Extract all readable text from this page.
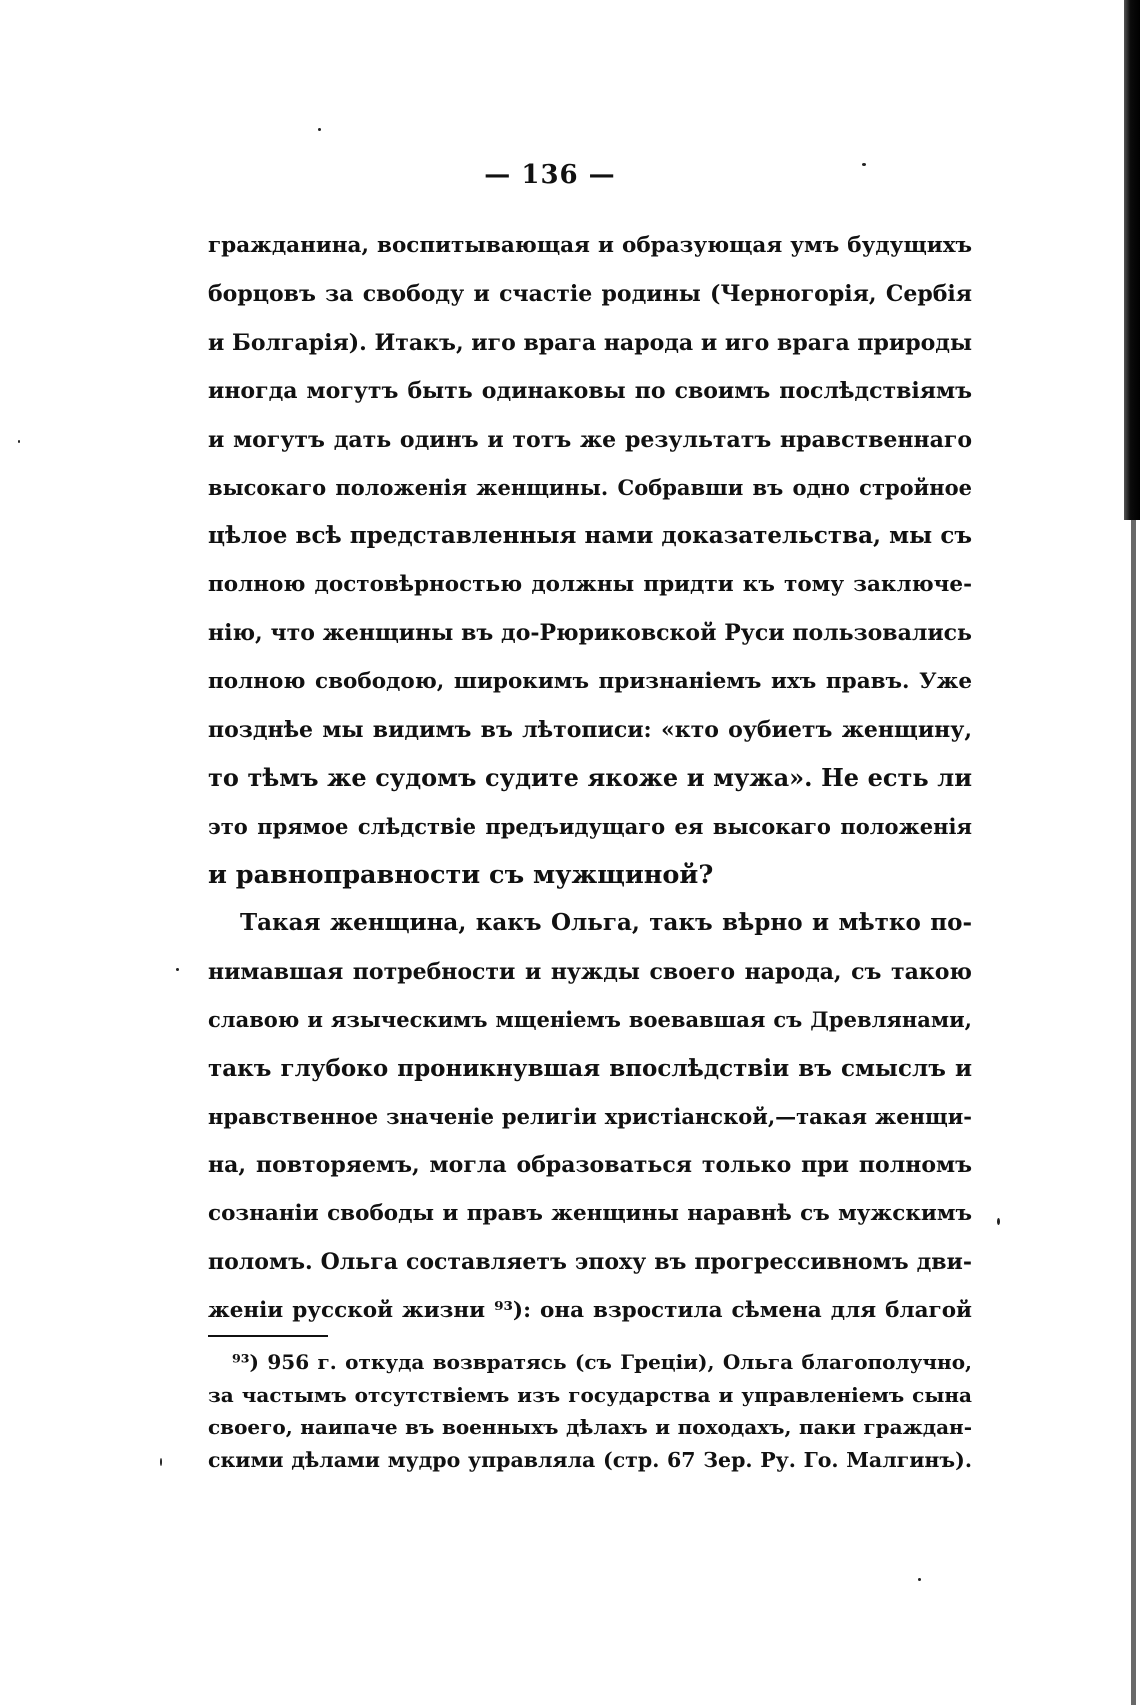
— 136 —
гражданина, воспитывающая и образующая умъ будущихъ
борцовъ за свободу и счастіе родины (Черногорія, Сербія
и Болгарія). Итакъ, иго врага народа и иго врага природы
иногда могутъ быть одинаковы по своимъ послѣдствіямъ
и могутъ дать одинъ и тотъ же результатъ нравственнаго
высокаго положенія женщины. Собравши въ одно стройное
цѣлое всѣ представленныя нами доказательства, мы съ
полною достовѣрностью должны придти къ тому заключе-
нію, что женщины въ до-Рюриковской Руси пользовались
полною свободою, широкимъ признаніемъ ихъ правъ. Уже
позднѣе мы видимъ въ лѣтописи: «кто оубиетъ женщину,
то тѣмъ же судомъ судите якоже и мужа». Не есть ли
это прямое слѣдствіе предъидущаго ея высокаго положенія
и равноправности съ мужщиной?
Такая женщина, какъ Ольга, такъ вѣрно и мѣтко по-
нимавшая потребности и нужды своего народа, съ такою
славою и языческимъ мщеніемъ воевавшая съ Древлянами,
такъ глубоко проникнувшая впослѣдствіи въ смыслъ и
нравственное значеніе религіи христіанской,—такая женщи-
на, повторяемъ, могла образоваться только при полномъ
сознаніи свободы и правъ женщины наравнѣ съ мужскимъ
поломъ. Ольга составляетъ эпоху въ прогрессивномъ дви-
женіи русской жизни ⁹³): она взростила сѣмена для благой
⁹³) 956 г. откуда возвратясь (съ Греціи), Ольга благополучно,
за частымъ отсутствіемъ изъ государства и управленіемъ сына
своего, наипаче въ военныхъ дѣлахъ и походахъ, паки граждан-
скими дѣлами мудро управляла (стр. 67 Зер. Ру. Го. Малгинъ).
